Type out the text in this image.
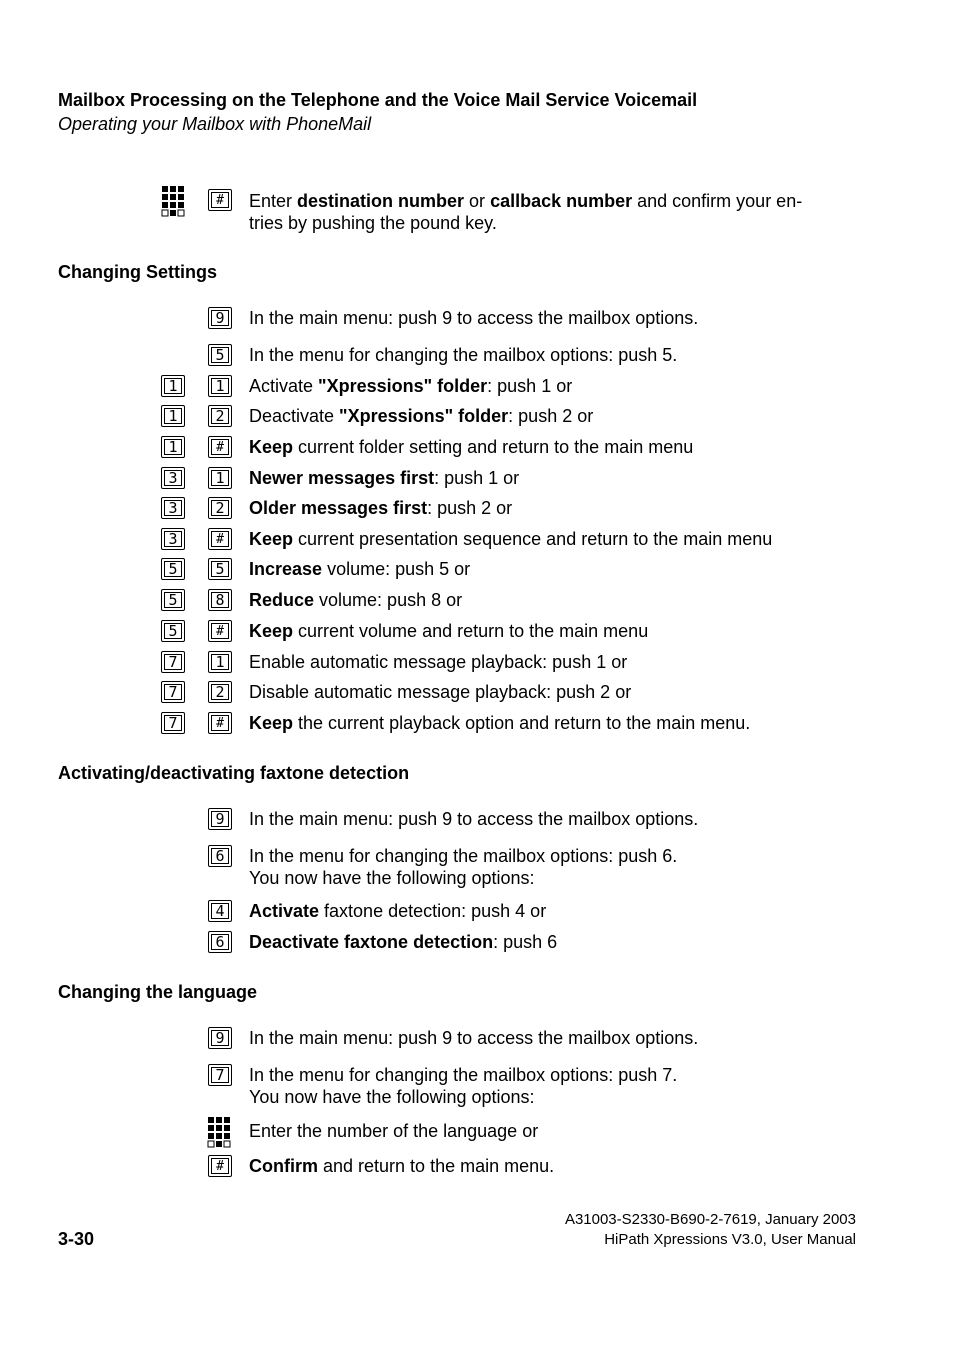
Mailbox Processing on the Telephone and the Voice Mail Service Voicemail
Operating your Mailbox with PhoneMail
#	Enter destination number or callback number and confirm your en-
tries by pushing the pound key.
Changing Settings
9	In the main menu: push 9 to access the mailbox options.
5	In the menu for changing the mailbox options: push 5.
1	1	Activate "Xpressions" folder: push 1 or
1	2	Deactivate "Xpressions" folder: push 2 or
1	#	Keep current folder setting and return to the main menu
3	1	Newer messages first: push 1 or
3	2	Older messages first: push 2 or
3	#	Keep current presentation sequence and return to the main menu
5	5	Increase volume: push 5 or
5	8	Reduce volume: push 8 or
5	#	Keep current volume and return to the main menu
7	1	Enable automatic message playback: push 1 or
7	2	Disable automatic message playback: push 2 or
7	#	Keep the current playback option and return to the main menu.
Activating/deactivating faxtone detection
9	In the main menu: push 9 to access the mailbox options.
6	In the menu for changing the mailbox options: push 6.
You now have the following options:
4	Activate faxtone detection: push 4 or
6	Deactivate faxtone detection: push 6
Changing the language
9	In the main menu: push 9 to access the mailbox options.
7	In the menu for changing the mailbox options: push 7.
You now have the following options:
Enter the number of the language or
#	Confirm and return to the main menu.
A31003-S2330-B690-2-7619, January 2003
HiPath Xpressions V3.0, User Manual
3-30
